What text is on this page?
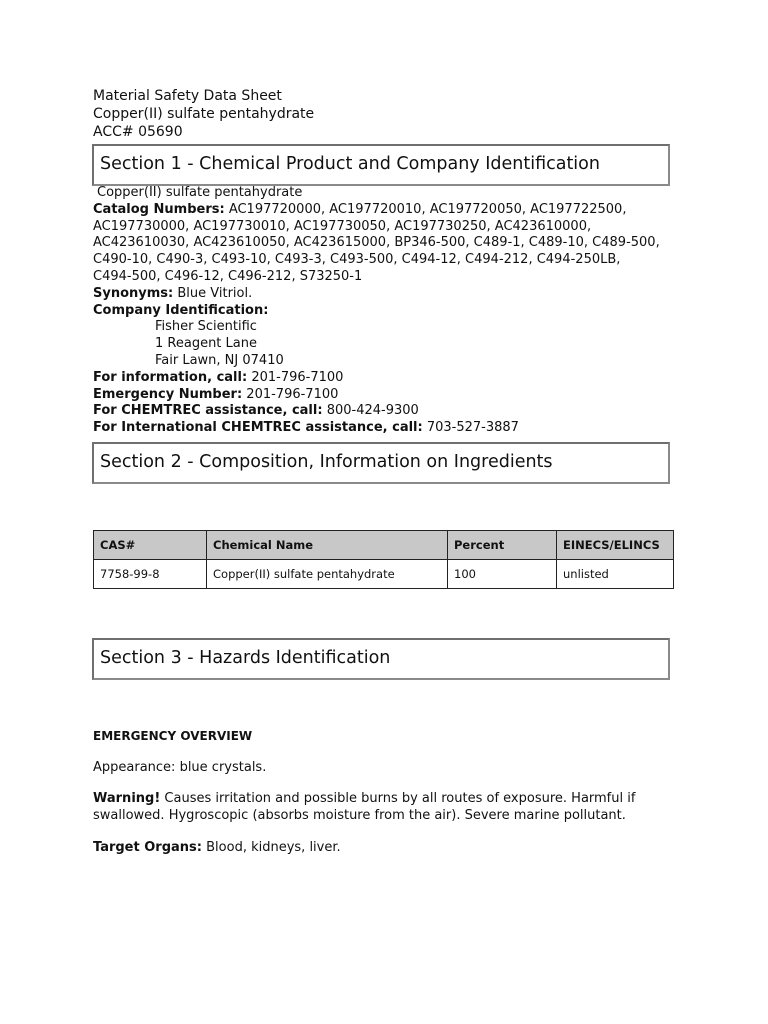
Material Safety Data Sheet
Copper(II) sulfate pentahydrate
ACC# 05690
Section 1 - Chemical Product and Company Identification
Copper(II) sulfate pentahydrate
Catalog Numbers: AC197720000, AC197720010, AC197720050, AC197722500,
AC197730000, AC197730010, AC197730050, AC197730250, AC423610000,
AC423610030, AC423610050, AC423615000, BP346-500, C489-1, C489-10, C489-500,
C490-10, C490-3, C493-10, C493-3, C493-500, C494-12, C494-212, C494-250LB,
C494-500, C496-12, C496-212, S73250-1
Synonyms: Blue Vitriol.
Company Identification:
Fisher Scientific
1 Reagent Lane
Fair Lawn, NJ 07410
For information, call: 201-796-7100
Emergency Number: 201-796-7100
For CHEMTREC assistance, call: 800-424-9300
For International CHEMTREC assistance, call: 703-527-3887
Section 2 - Composition, Information on Ingredients
CAS#	Chemical Name	Percent	EINECS/ELINCS
7758-99-8	Copper(II) sulfate pentahydrate	100	unlisted
Section 3 - Hazards Identification
EMERGENCY OVERVIEW
Appearance: blue crystals.
Warning! Causes irritation and possible burns by all routes of exposure. Harmful if
swallowed. Hygroscopic (absorbs moisture from the air). Severe marine pollutant.
Target Organs: Blood, kidneys, liver.
